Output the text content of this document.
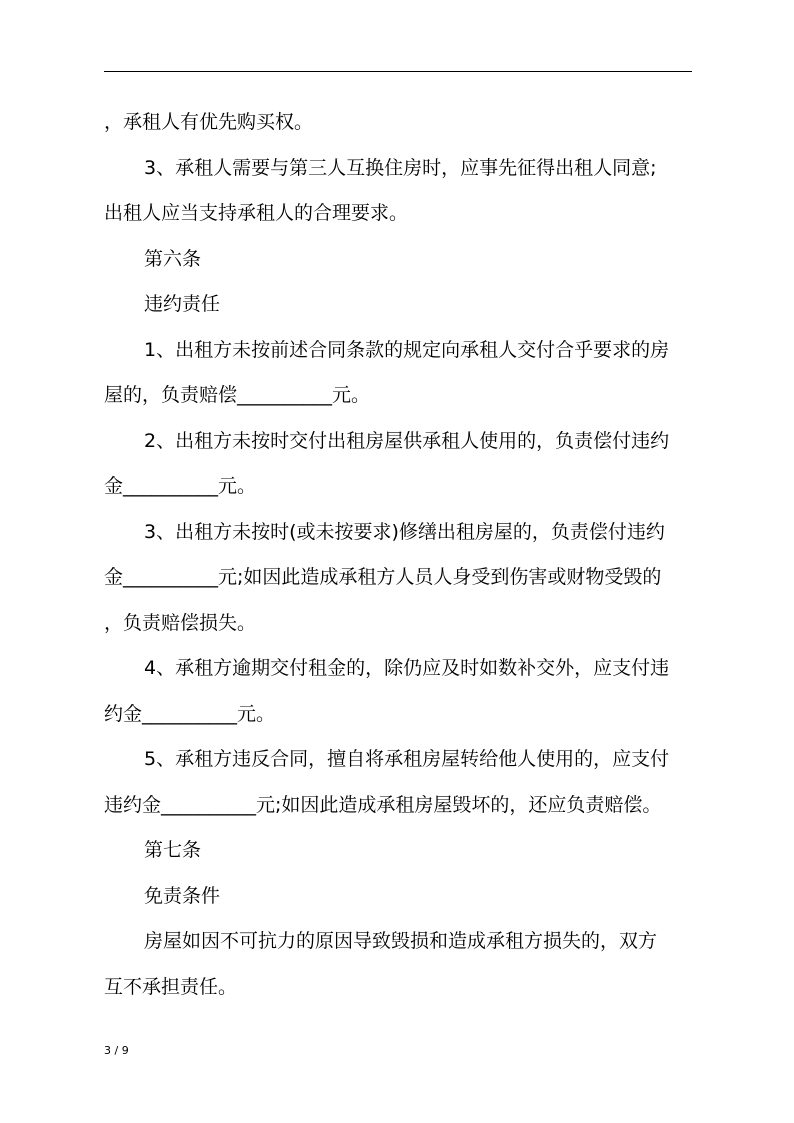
，承租人有优先购买权。
3、承租人需要与第三人互换住房时，应事先征得出租人同意;
出租人应当支持承租人的合理要求。
第六条
违约责任
1、出租方未按前述合同条款的规定向承租人交付合乎要求的房
屋的，负责赔偿__________元。
2、出租方未按时交付出租房屋供承租人使用的，负责偿付违约
金__________元。
3、出租方未按时(或未按要求)修缮出租房屋的，负责偿付违约
金__________元;如因此造成承租方人员人身受到伤害或财物受毁的
，负责赔偿损失。
4、承租方逾期交付租金的，除仍应及时如数补交外，应支付违
约金__________元。
5、承租方违反合同，擅自将承租房屋转给他人使用的，应支付
违约金__________元;如因此造成承租房屋毁坏的，还应负责赔偿。
第七条
免责条件
房屋如因不可抗力的原因导致毁损和造成承租方损失的，双方
互不承担责任。
3 / 9
